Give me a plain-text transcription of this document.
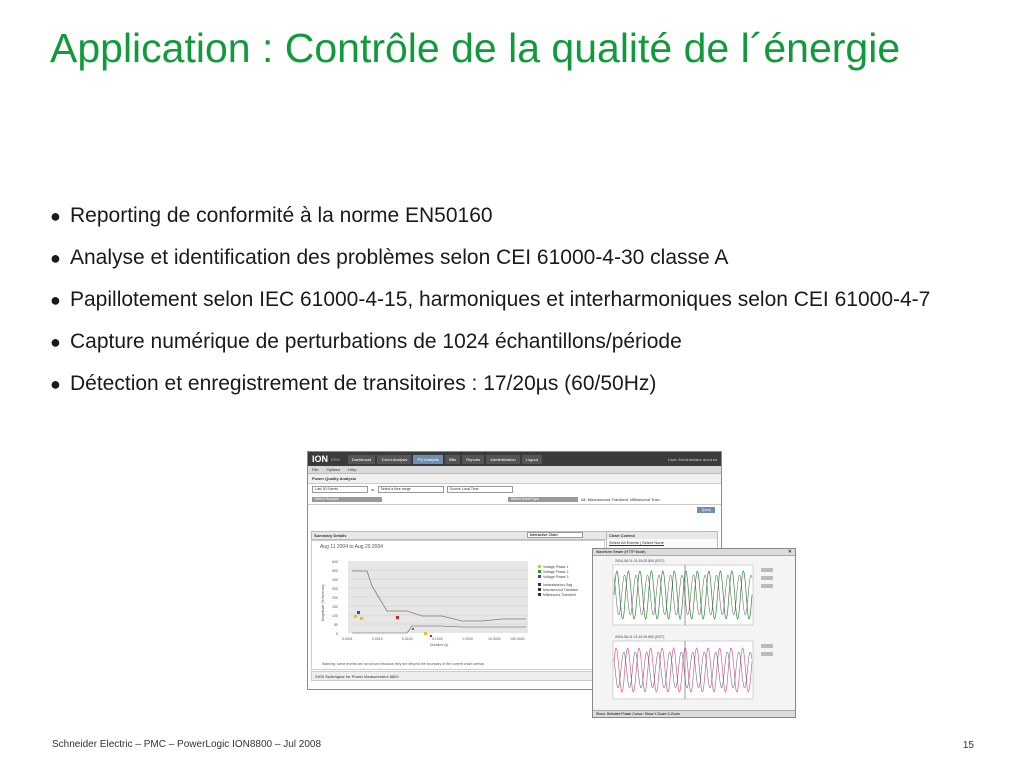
Application : Contrôle de la qualité de l´énergie
● Reporting de conformité à la norme EN50160
● Analyse et identification des problèmes selon CEI 61000-4-30 classe A
● Papillotement selon IEC 61000-4-15, harmoniques et interharmoniques selon CEI 61000-4-7
● Capture numérique de perturbations de 1024 échantillons/période
● Détection et enregistrement de transitoires : 17/20µs (60/50Hz)
ION EEM	Dashboard	Trend Analysis	PQ Analysis	Bills	Reports	Administration	Logout	User: Administrator account
File Options Help
Power Quality Analysis
Last 30 Events	or	Select a time range	Source Local Time
Select Sources	Select Event Type	All, Microsecond Transient, Millisecond Tran...
Query
Summary Details	Interactive Chart	Chart Control
Select All Events | Select None
Aug 11 2004 to Aug 20 2004
600
500
400
300
200
150
100
50
0
0.0001	0.0010	0.0100	0.1000	1.0000	10.0000	100.0000
Duration (s)
Magnitude (% Nominal)
Voltage Phase 1
Voltage Phase 2
Voltage Phase 3
Instantaneous Sag
Microsecond Transient
Millisecond Transient
Warning: some events are not shown because they are beyond the boundary of the current chart overlay.
2309 Switchgear for Power Measurement 8800
Waveform Viewer (HTTP Mode)	✕
2004-08-11 01:19:20.800 (EDT)
2004-08-11 01:19:20.800 (EDT)
Show: Selected Phase Cursor: Show Y-Zoom X-Zoom
Schneider Electric – PMC – PowerLogic ION8800 – Jul 2008	15
